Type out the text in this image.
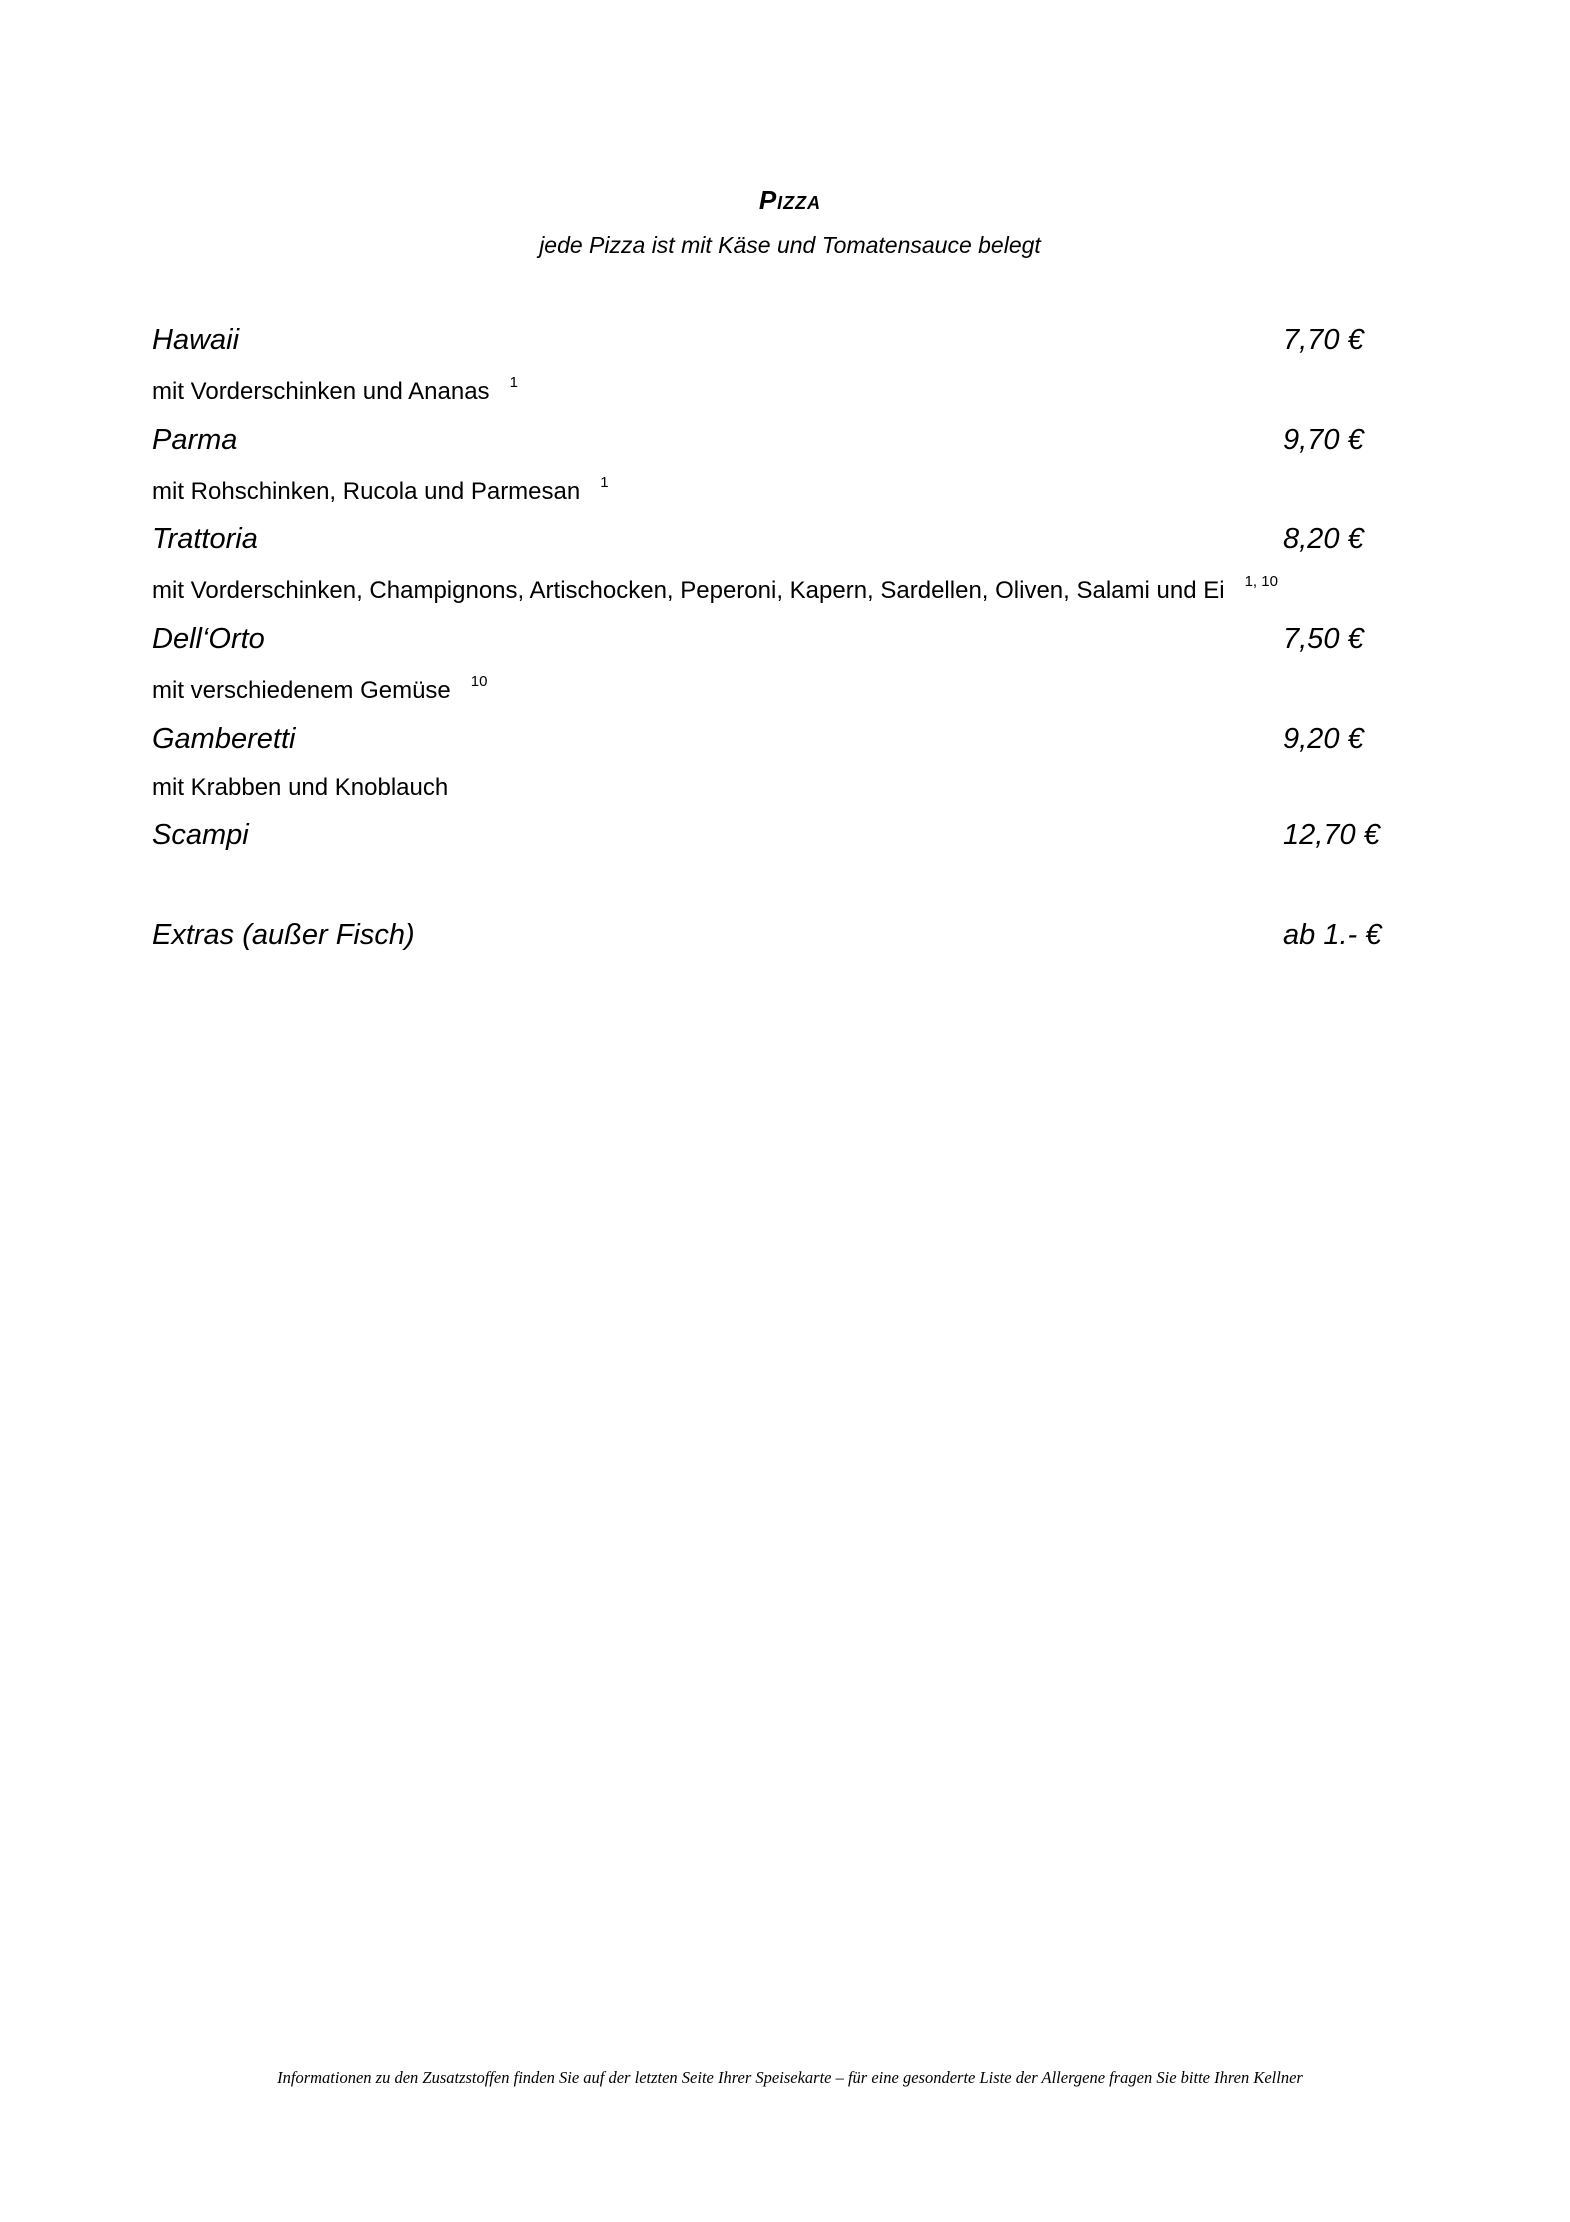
Pizza
jede Pizza ist mit Käse und Tomatensauce belegt
Hawaii	7,70 €
mit Vorderschinken und Ananas $^1$
Parma	9,70 €
mit Rohschinken, Rucola und Parmesan $^1$
Trattoria	8,20 €
mit Vorderschinken, Champignons, Artischocken, Peperoni, Kapern, Sardellen, Oliven, Salami und Ei $^{1, 10}$
Dell‘Orto	7,50 €
mit verschiedenem Gemüse $^{10}$
Gamberetti	9,20 €
mit Krabben und Knoblauch
Scampi	12,70 €
Extras (außer Fisch)	ab 1.- €
Informationen zu den Zusatzstoffen finden Sie auf der letzten Seite Ihrer Speisekarte – für eine gesonderte Liste der Allergene fragen Sie bitte Ihren Kellner
